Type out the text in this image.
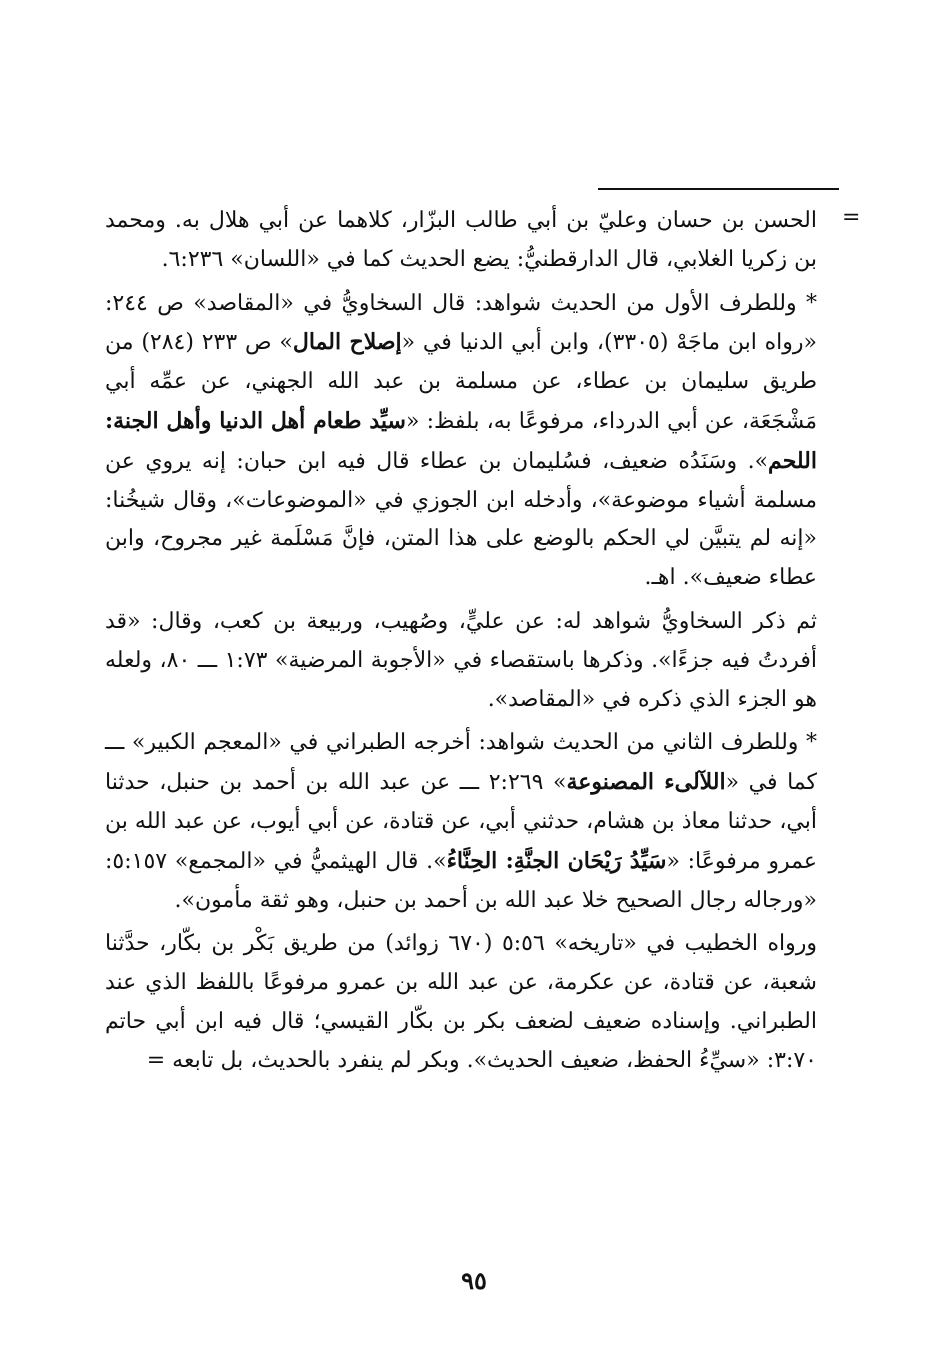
=

الحسن بن حسان وعليّ بن أبي طالب البزّار، كلاهما عن أبي هلال به. ومحمد بن زكريا الغلابي، قال الدارقطنيُّ: يضع الحديث كما في «اللسان» ٦:٢٣٦.

* وللطرف الأول من الحديث شواهد: قال السخاويُّ في «المقاصد» ص ٢٤٤: «رواه ابن ماجَهْ (٣٣٠٥)، وابن أبي الدنيا في «إصلاح المال» ص ٢٣٣ (٢٨٤) من طريق سليمان بن عطاء، عن مسلمة بن عبد الله الجهني، عن عمِّه أبي مَشْجَعَة، عن أبي الدرداء، مرفوعًا به، بلفظ: «سيِّد طعام أهل الدنيا وأهل الجنة: اللحم». وسَنَدُه ضعيف، فسُليمان بن عطاء قال فيه ابن حبان: إنه يروي عن مسلمة أشياء موضوعة»، وأدخله ابن الجوزي في «الموضوعات»، وقال شيخُنا: «إنه لم يتبيَّن لي الحكم بالوضع على هذا المتن، فإنَّ مَسْلَمة غير مجروح، وابن عطاء ضعيف». اهـ.

ثم ذكر السخاويُّ شواهد له: عن عليٍّ، وصُهيب، وربيعة بن كعب، وقال: «قد أفردتُ فيه جزءًا». وذكرها باستقصاء في «الأجوبة المرضية» ١:٧٣ ـــ ٨٠، ولعله هو الجزء الذي ذكره في «المقاصد».

* وللطرف الثاني من الحديث شواهد: أخرجه الطبراني في «المعجم الكبير» ـــ كما في «اللآلىء المصنوعة» ٢:٢٦٩ ـــ عن عبد الله بن أحمد بن حنبل، حدثنا أبي، حدثنا معاذ بن هشام، حدثني أبي، عن قتادة، عن أبي أيوب، عن عبد الله بن عمرو مرفوعًا: «سَيِّدُ رَيْحَان الجنَّةِ: الحِنَّاءُ». قال الهيثميُّ في «المجمع» ٥:١٥٧: «ورجاله رجال الصحيح خلا عبد الله بن أحمد بن حنبل، وهو ثقة مأمون».

ورواه الخطيب في «تاريخه» ٥:٥٦ (٦٧٠ زوائد) من طريق بَكْر بن بكّار، حدَّثنا شعبة، عن قتادة، عن عكرمة، عن عبد الله بن عمرو مرفوعًا باللفظ الذي عند الطبراني. وإسناده ضعيف لضعف بكر بن بكّار القيسي؛ قال فيه ابن أبي حاتم ٣:٧٠: «سيِّءُ الحفظ، ضعيف الحديث». وبكر لم ينفرد بالحديث، بل تابعه =

٩٥
